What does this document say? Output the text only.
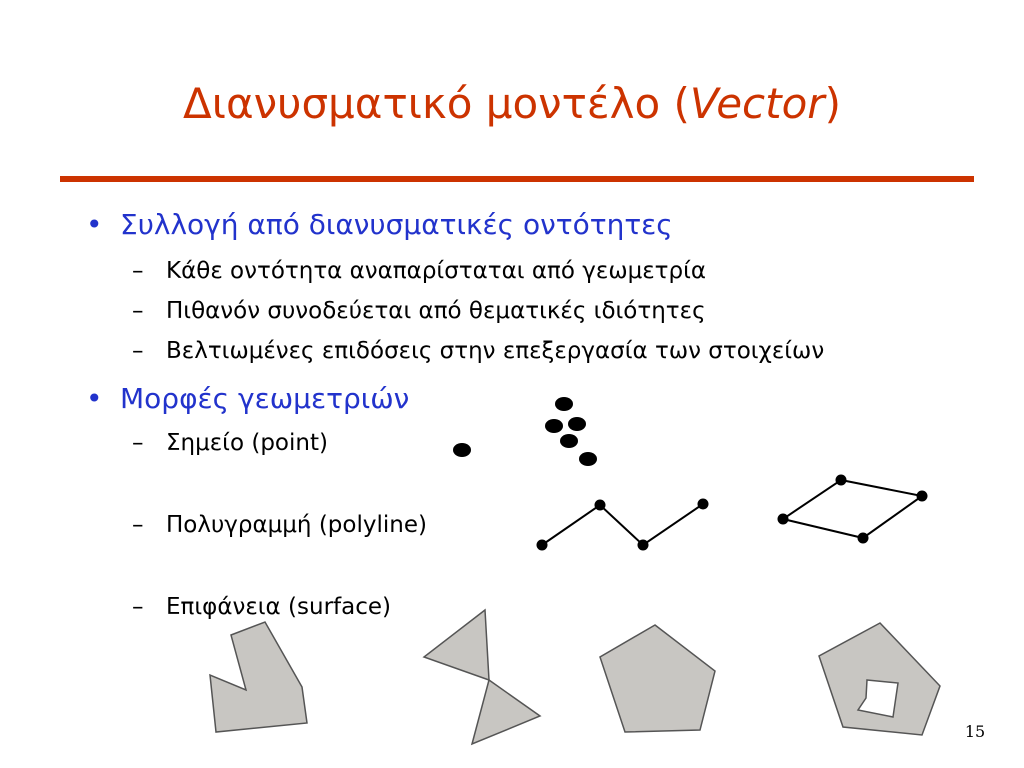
Διανυσματικό μοντέλο (Vector)
• Συλλογή από διανυσματικές οντότητες
– Κάθε οντότητα αναπαρίσταται από γεωμετρία
– Πιθανόν συνοδεύεται από θεματικές ιδιότητες
– Βελτιωμένες επιδόσεις στην επεξεργασία των στοιχείων
• Μορφές γεωμετριών
– Σημείο (point)
– Πολυγραμμή (polyline)
– Επιφάνεια (surface)
15
